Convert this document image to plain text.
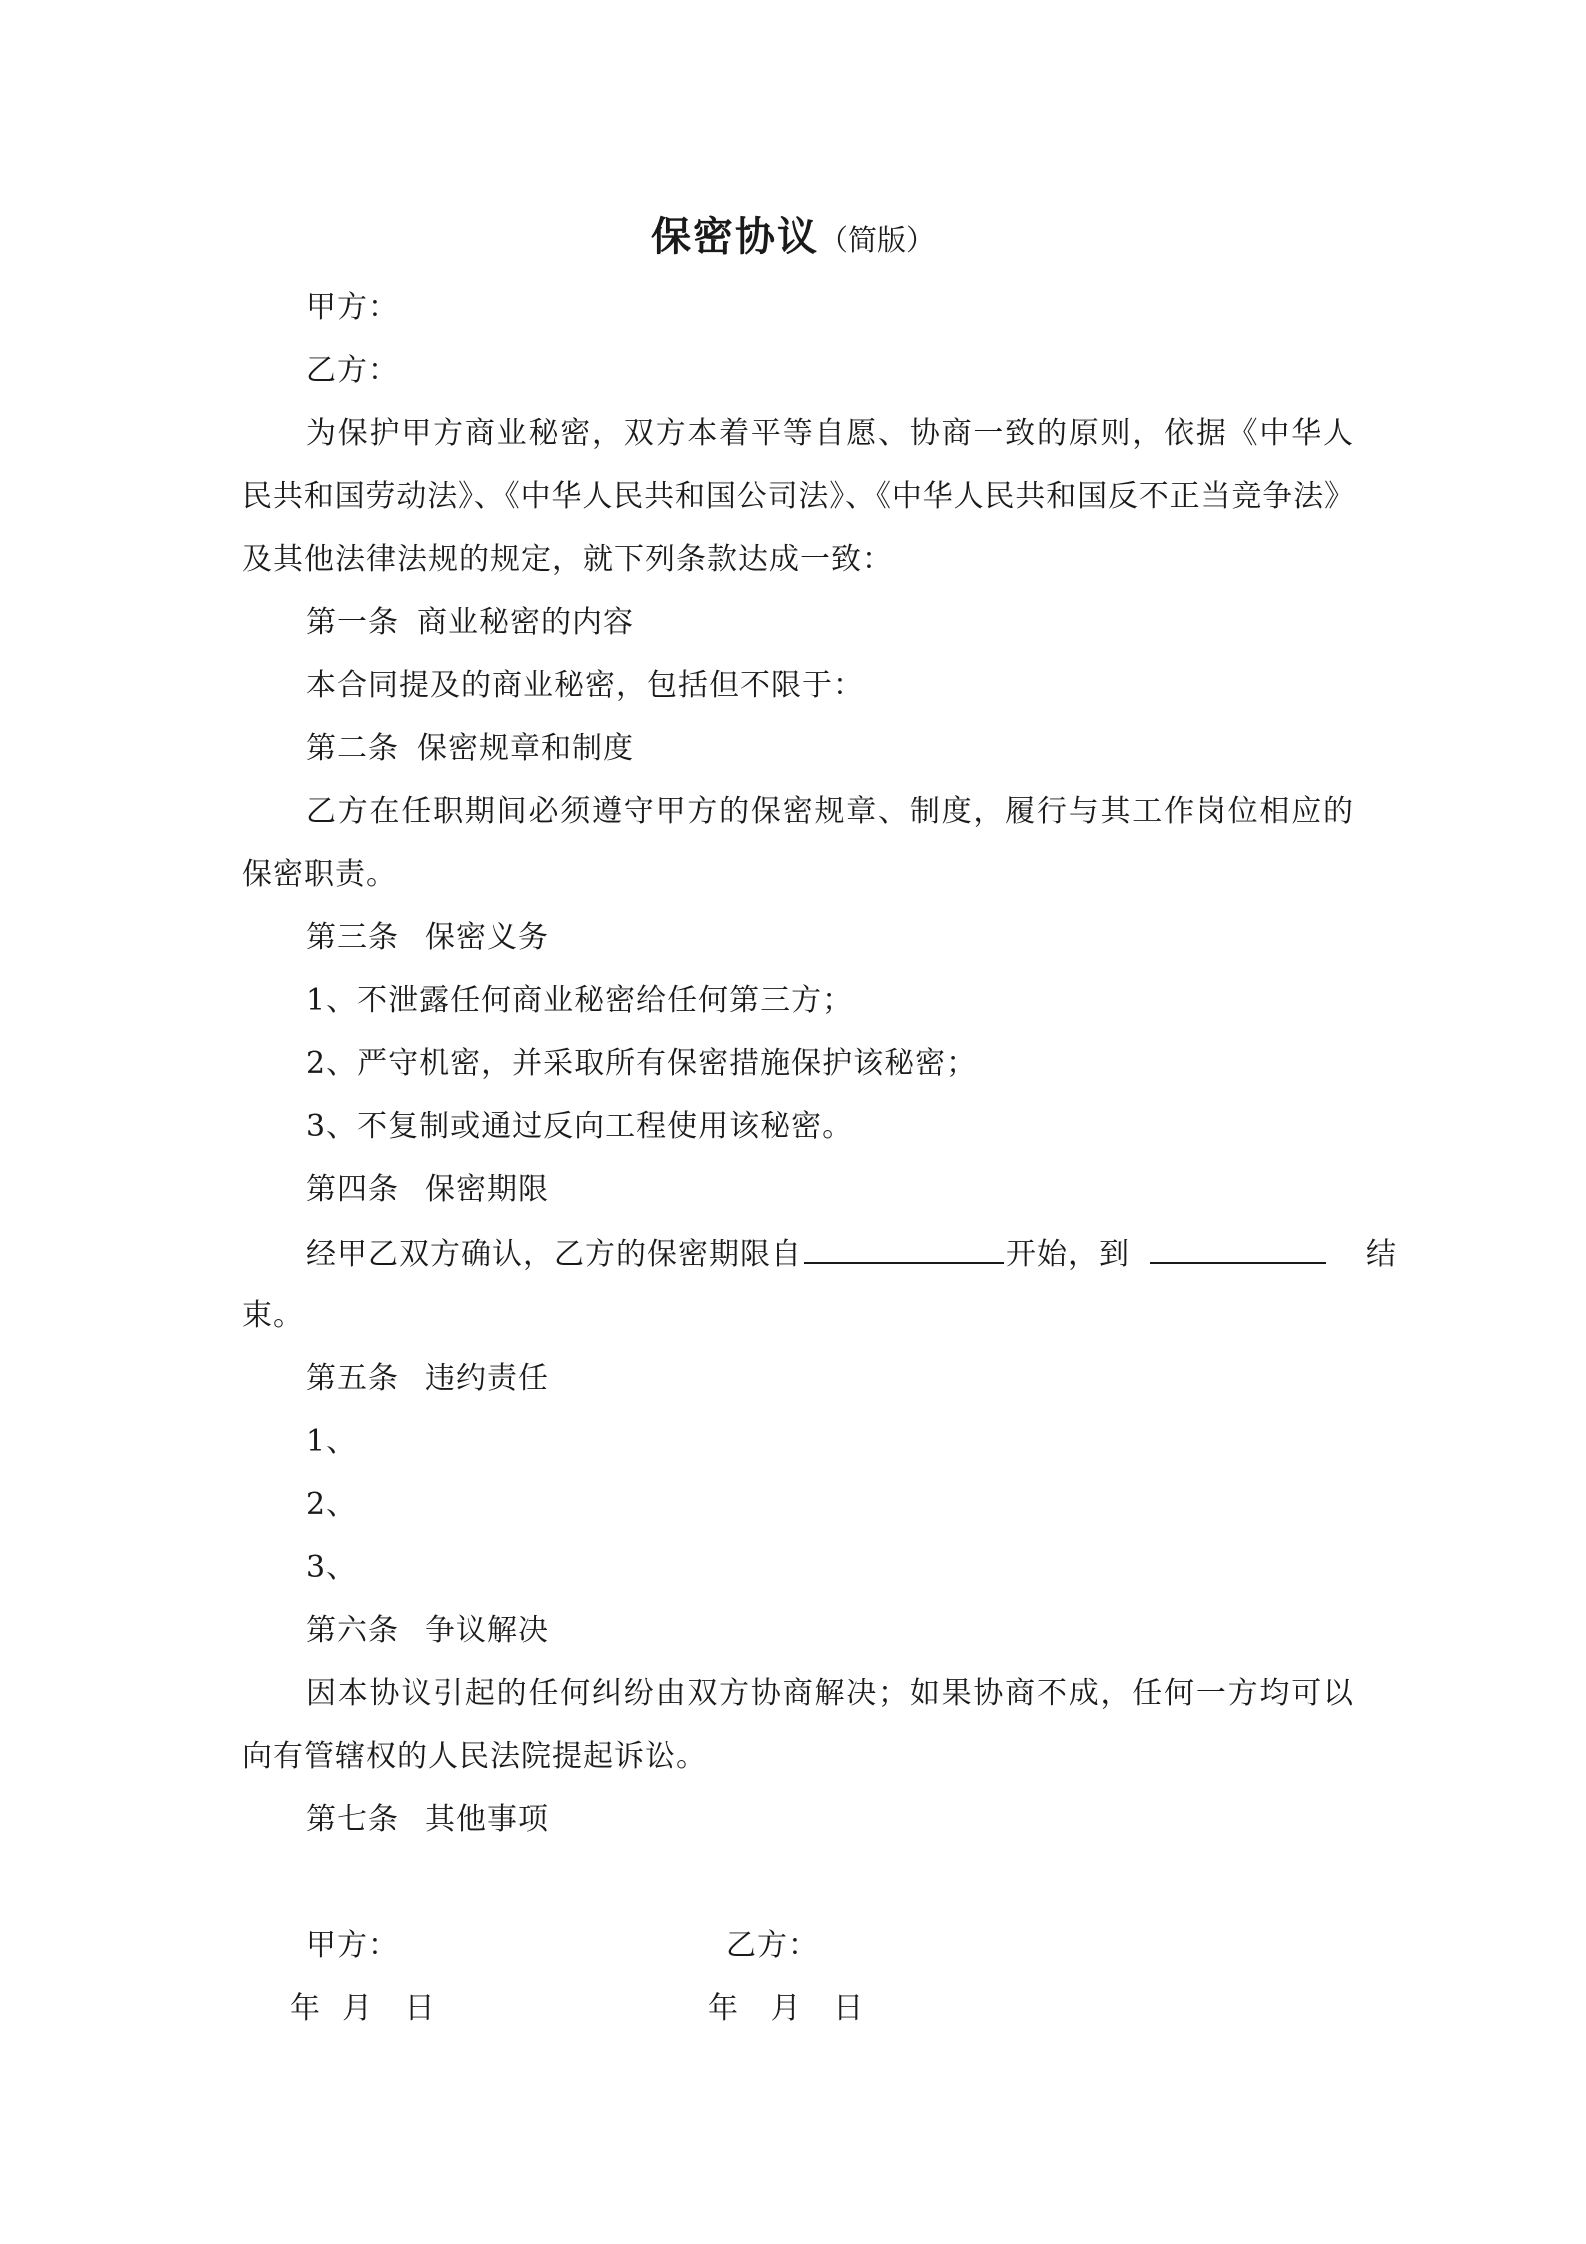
保密协议（简版）
甲方：
乙方：
为保护甲方商业秘密，双方本着平等自愿、协商一致的原则，依据《中华人
民共和国劳动法》、《中华人民共和国公司法》、《中华人民共和国反不正当竞争法》
及其他法律法规的规定，就下列条款达成一致：
第一条 商业秘密的内容
本合同提及的商业秘密，包括但不限于：
第二条 保密规章和制度
乙方在任职期间必须遵守甲方的保密规章、制度，履行与其工作岗位相应的
保密职责。
第三条 保密义务
1、不泄露任何商业秘密给任何第三方；
2、严守机密，并采取所有保密措施保护该秘密；
3、不复制或通过反向工程使用该秘密。
第四条 保密期限
经甲乙双方确认，乙方的保密期限自	开始，到	结
束。
第五条 违约责任
1、
2、
3、
第六条 争议解决
因本协议引起的任何纠纷由双方协商解决；如果协商不成，任何一方均可以
向有管辖权的人民法院提起诉讼。
第七条 其他事项
甲方：	乙方：
年  月   日	年   月   日
